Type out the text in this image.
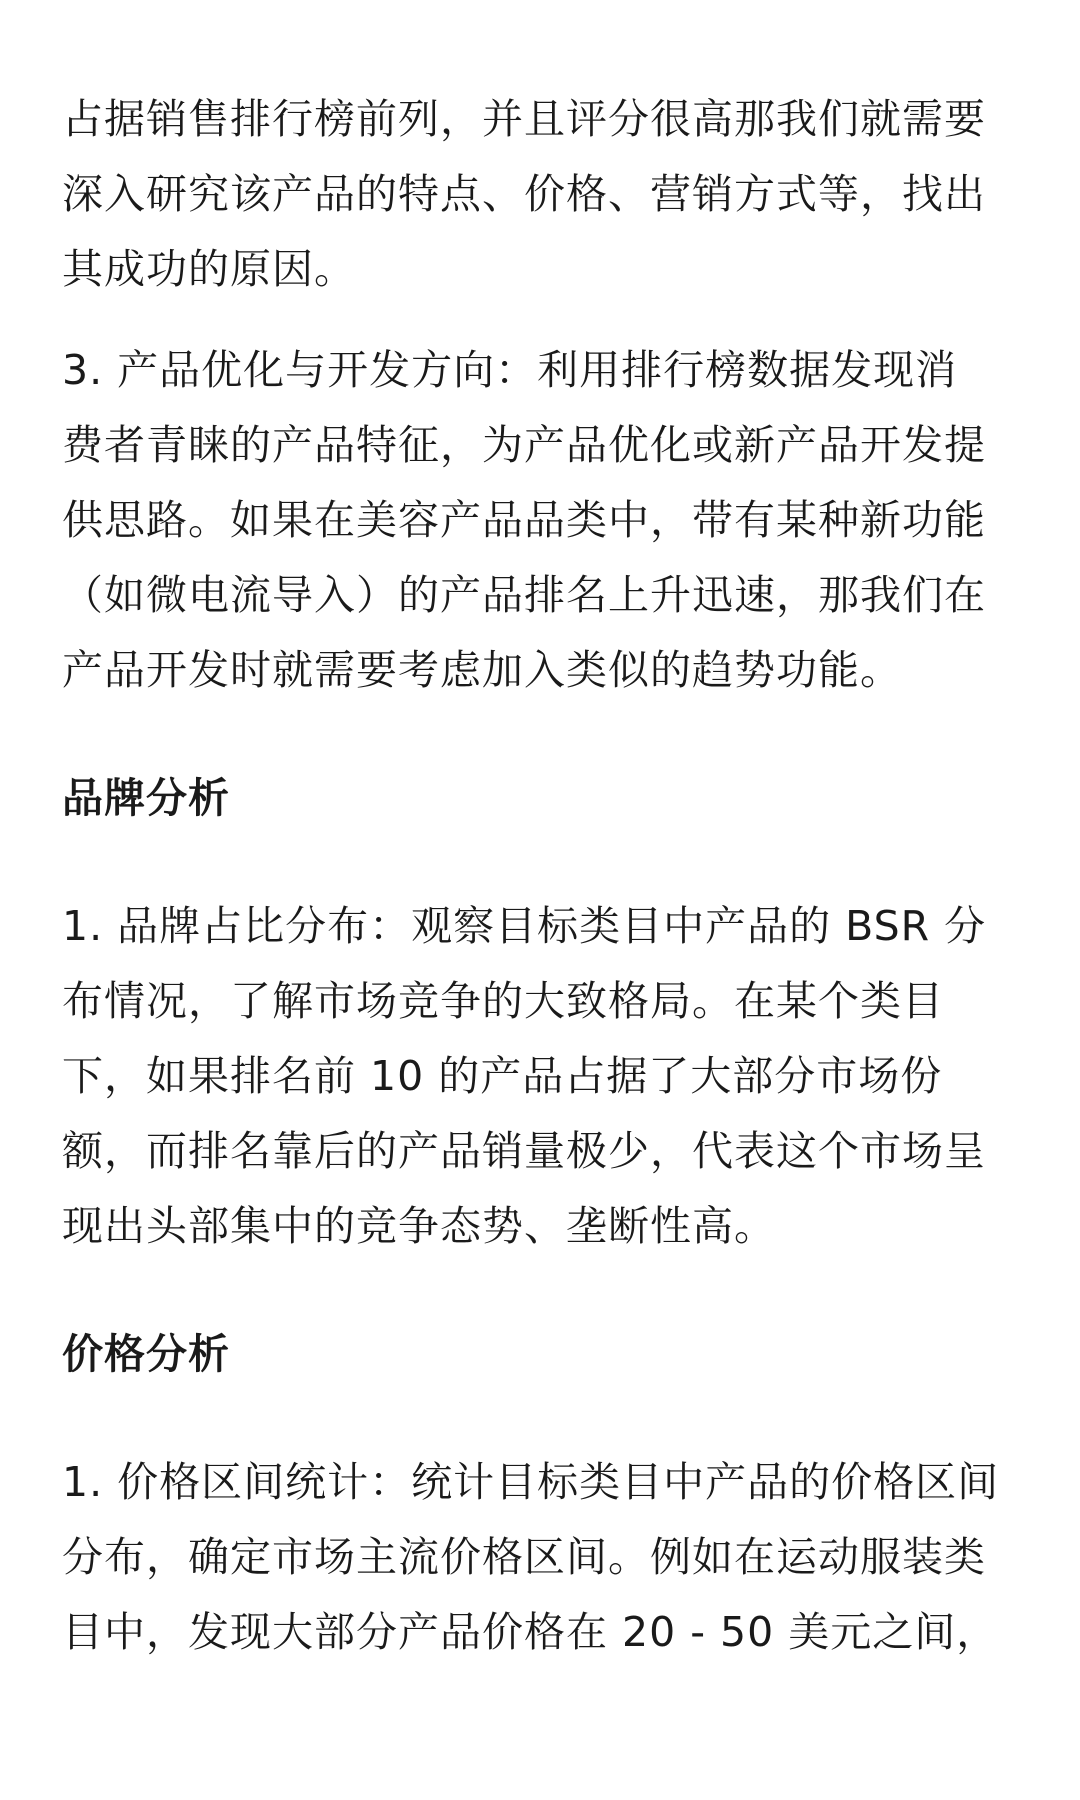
占据销售排行榜前列，并且评分很高那我们就需要
深入研究该产品的特点、价格、营销方式等，找出
其成功的原因。

3. 产品优化与开发方向：利用排行榜数据发现消
费者青睐的产品特征，为产品优化或新产品开发提
供思路。如果在美容产品品类中，带有某种新功能
（如微电流导入）的产品排名上升迅速，那我们在
产品开发时就需要考虑加入类似的趋势功能。

品牌分析

1. 品牌占比分布：观察目标类目中产品的 BSR 分
布情况，了解市场竞争的大致格局。在某个类目
下，如果排名前 10 的产品占据了大部分市场份
额，而排名靠后的产品销量极少，代表这个市场呈
现出头部集中的竞争态势、垄断性高。

价格分析

1. 价格区间统计：统计目标类目中产品的价格区间
分布，确定市场主流价格区间。例如在运动服装类
目中，发现大部分产品价格在 20 - 50 美元之间，
